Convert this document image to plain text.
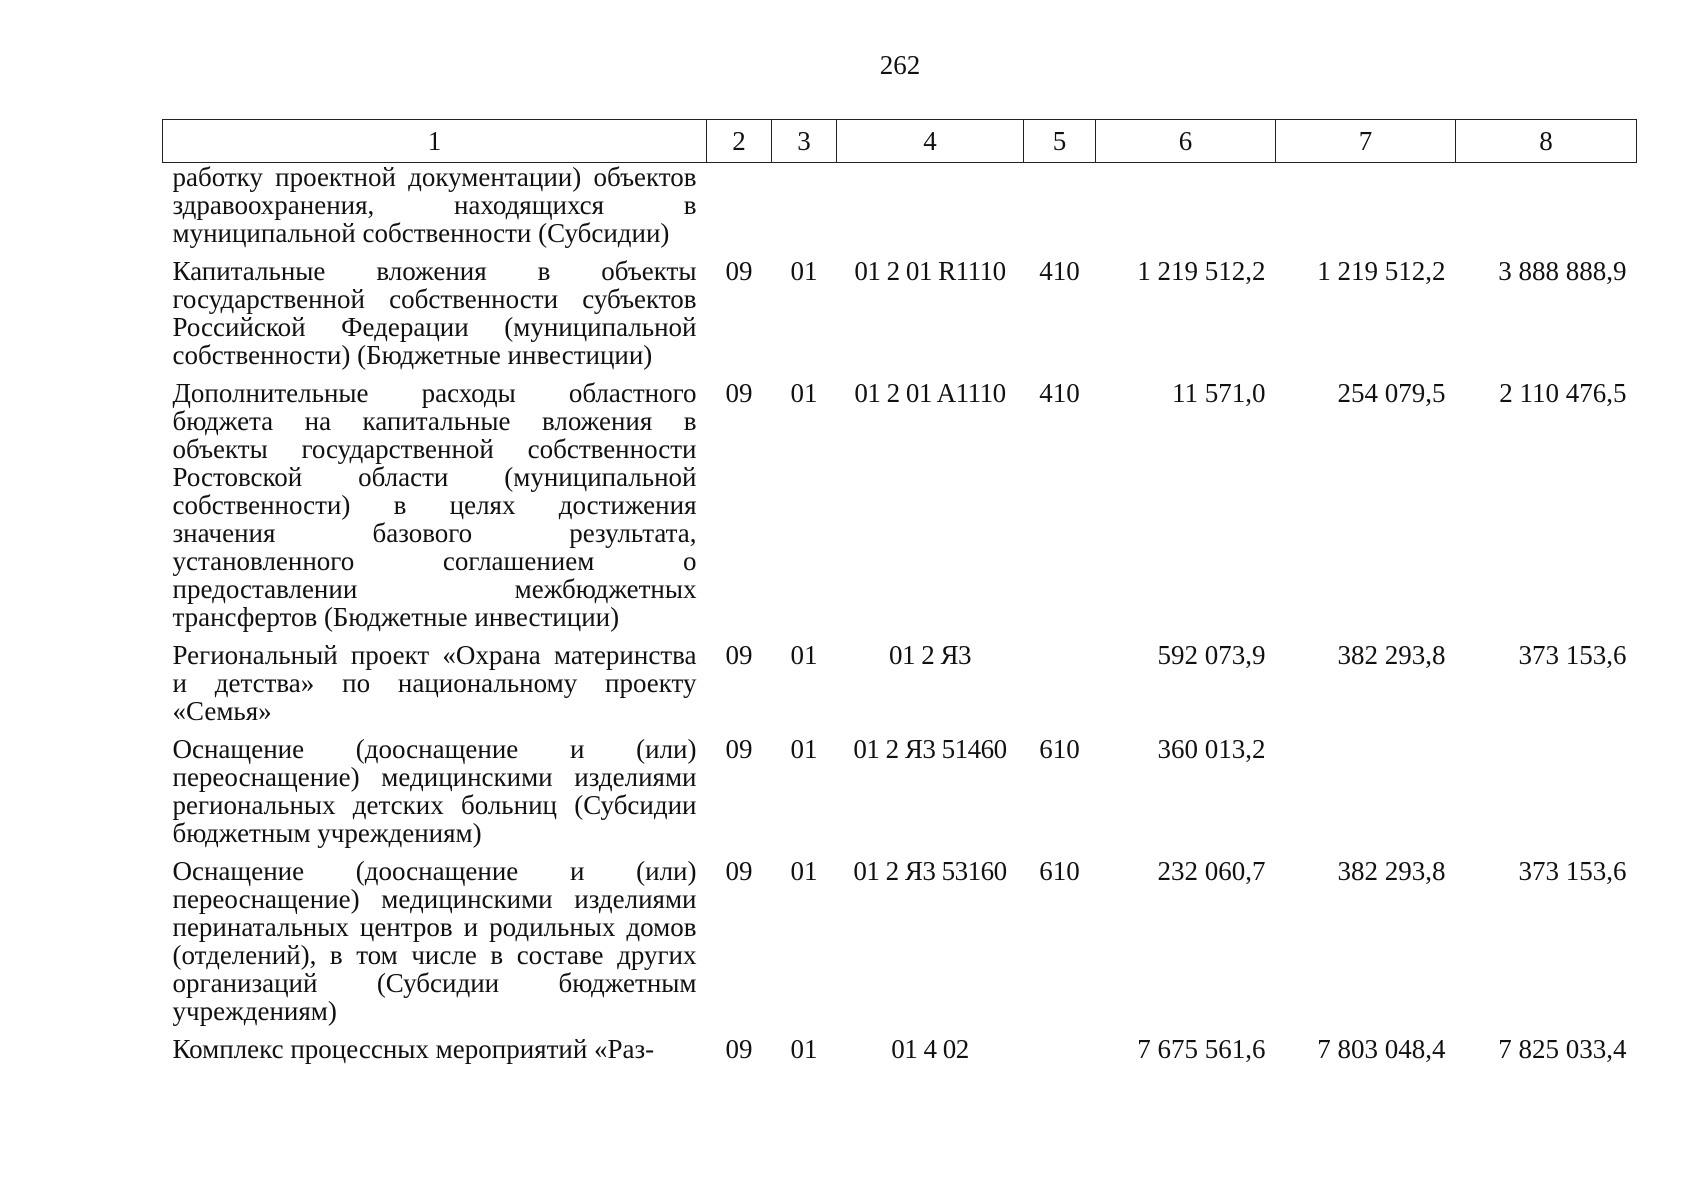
262
1	2	3	4	5	6	7	8
работку проектной документации) объектов здравоохранения, находящихся в муниципальной собственности (Субсидии)							
Капитальные вложения в объекты государственной собственности субъектов Российской Федерации (муниципальной собственности) (Бюджетные инвестиции)	09	01	01 2 01 R1110	410	1 219 512,2	1 219 512,2	3 888 888,9
Дополнительные расходы областного бюджета на капитальные вложения в объекты государственной собственности Ростовской области (муниципальной собственности) в целях достижения значения базового результата, установленного соглашением о предоставлении межбюджетных трансфертов (Бюджетные инвестиции)	09	01	01 2 01 A1110	410	11 571,0	254 079,5	2 110 476,5
Региональный проект «Охрана материнства и детства» по национальному проекту «Семья»	09	01	01 2 Я3		592 073,9	382 293,8	373 153,6
Оснащение (дооснащение и (или) переоснащение) медицинскими изделиями региональных детских больниц (Субсидии бюджетным учреждениям)	09	01	01 2 Я3 51460	610	360 013,2		
Оснащение (дооснащение и (или) переоснащение) медицинскими изделиями перинатальных центров и родильных домов (отделений), в том числе в составе других организаций (Субсидии бюджетным учреждениям)	09	01	01 2 Я3 53160	610	232 060,7	382 293,8	373 153,6
Комплекс процессных мероприятий «Раз-	09	01	01 4 02		7 675 561,6	7 803 048,4	7 825 033,4
